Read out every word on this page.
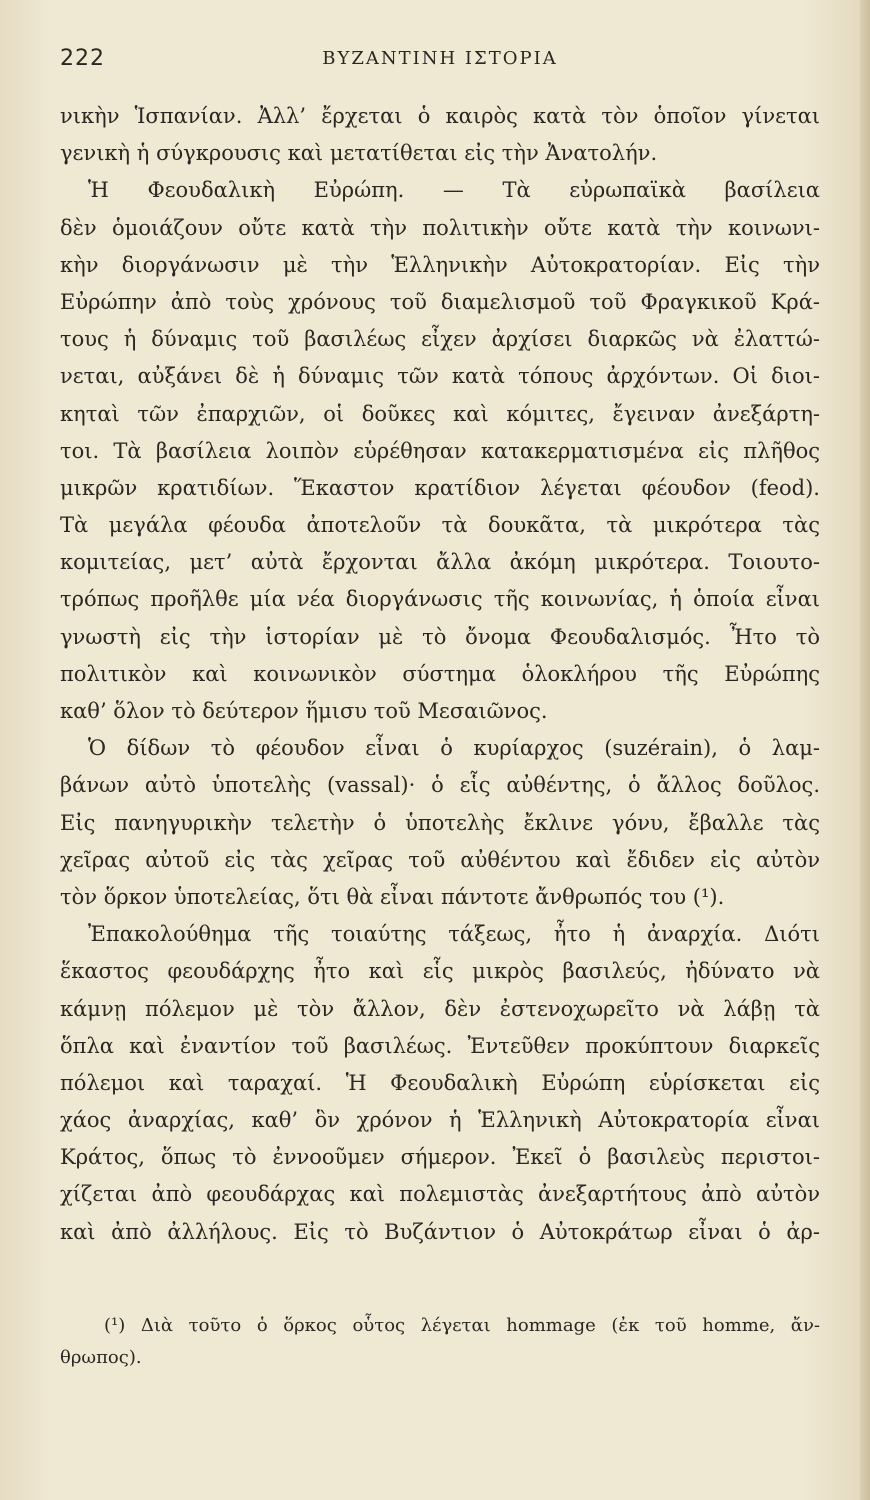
222	ΒΥΖΑΝΤΙΝΗ ΙΣΤΟΡΙΑ
νικὴν Ἱσπανίαν. Ἀλλ’ ἔρχεται ὁ καιρὸς κατὰ τὸν ὁποῖον γίνεται
γενικὴ ἡ σύγκρουσις καὶ μετατίθεται εἰς τὴν Ἀνατολήν.
Ἡ Φεουδαλικὴ Εὐρώπη. — Τὰ εὐρωπαϊκὰ βασίλεια
δὲν ὁμοιάζουν οὔτε κατὰ τὴν πολιτικὴν οὔτε κατὰ τὴν κοινωνι-
κὴν διοργάνωσιν μὲ τὴν Ἑλληνικὴν Αὐτοκρατορίαν. Εἰς τὴν
Εὐρώπην ἀπὸ τοὺς χρόνους τοῦ διαμελισμοῦ τοῦ Φραγκικοῦ Κρά-
τους ἡ δύναμις τοῦ βασιλέως εἶχεν ἀρχίσει διαρκῶς νὰ ἐλαττώ-
νεται, αὐξάνει δὲ ἡ δύναμις τῶν κατὰ τόπους ἀρχόντων. Οἱ διοι-
κηταὶ τῶν ἐπαρχιῶν, οἱ δοῦκες καὶ κόμιτες, ἔγειναν ἀνεξάρτη-
τοι. Τὰ βασίλεια λοιπὸν εὑρέθησαν κατακερματισμένα εἰς πλῆθος
μικρῶν κρατιδίων. Ἕκαστον κρατίδιον λέγεται φέουδον (feod).
Τὰ μεγάλα φέουδα ἀποτελοῦν τὰ δουκᾶτα, τὰ μικρότερα τὰς
κομιτείας, μετ’ αὐτὰ ἔρχονται ἄλλα ἀκόμη μικρότερα. Τοιουτο-
τρόπως προῆλθε μία νέα διοργάνωσις τῆς κοινωνίας, ἡ ὁποία εἶναι
γνωστὴ εἰς τὴν ἱστορίαν μὲ τὸ ὄνομα Φεουδαλισμός. Ἦτο τὸ
πολιτικὸν καὶ κοινωνικὸν σύστημα ὁλοκλήρου τῆς Εὐρώπης
καθ’ ὅλον τὸ δεύτερον ἥμισυ τοῦ Μεσαιῶνος.
Ὁ δίδων τὸ φέουδον εἶναι ὁ κυρίαρχος (suzérain), ὁ λαμ-
βάνων αὐτὸ ὑποτελὴς (vassal)· ὁ εἷς αὐθέντης, ὁ ἄλλος δοῦλος.
Εἰς πανηγυρικὴν τελετὴν ὁ ὑποτελὴς ἔκλινε γόνυ, ἔβαλλε τὰς
χεῖρας αὐτοῦ εἰς τὰς χεῖρας τοῦ αὐθέντου καὶ ἔδιδεν εἰς αὐτὸν
τὸν ὅρκον ὑποτελείας, ὅτι θὰ εἶναι πάντοτε ἄνθρωπός του (¹).
Ἐπακολούθημα τῆς τοιαύτης τάξεως, ἦτο ἡ ἀναρχία. Διότι
ἕκαστος φεουδάρχης ἦτο καὶ εἷς μικρὸς βασιλεύς, ἠδύνατο νὰ
κάμνῃ πόλεμον μὲ τὸν ἄλλον, δὲν ἐστενοχωρεῖτο νὰ λάβῃ τὰ
ὅπλα καὶ ἐναντίον τοῦ βασιλέως. Ἐντεῦθεν προκύπτουν διαρκεῖς
πόλεμοι καὶ ταραχαί. Ἡ Φεουδαλικὴ Εὐρώπη εὑρίσκεται εἰς
χάος ἀναρχίας, καθ’ ὃν χρόνον ἡ Ἑλληνικὴ Αὐτοκρατορία εἶναι
Κράτος, ὅπως τὸ ἐννοοῦμεν σήμερον. Ἐκεῖ ὁ βασιλεὺς περιστοι-
χίζεται ἀπὸ φεουδάρχας καὶ πολεμιστὰς ἀνεξαρτήτους ἀπὸ αὐτὸν
καὶ ἀπὸ ἀλλήλους. Εἰς τὸ Βυζάντιον ὁ Αὐτοκράτωρ εἶναι ὁ ἀρ-
(¹) Διὰ τοῦτο ὁ ὅρκος οὗτος λέγεται hommage (ἐκ τοῦ homme, ἄν-
θρωπος).
